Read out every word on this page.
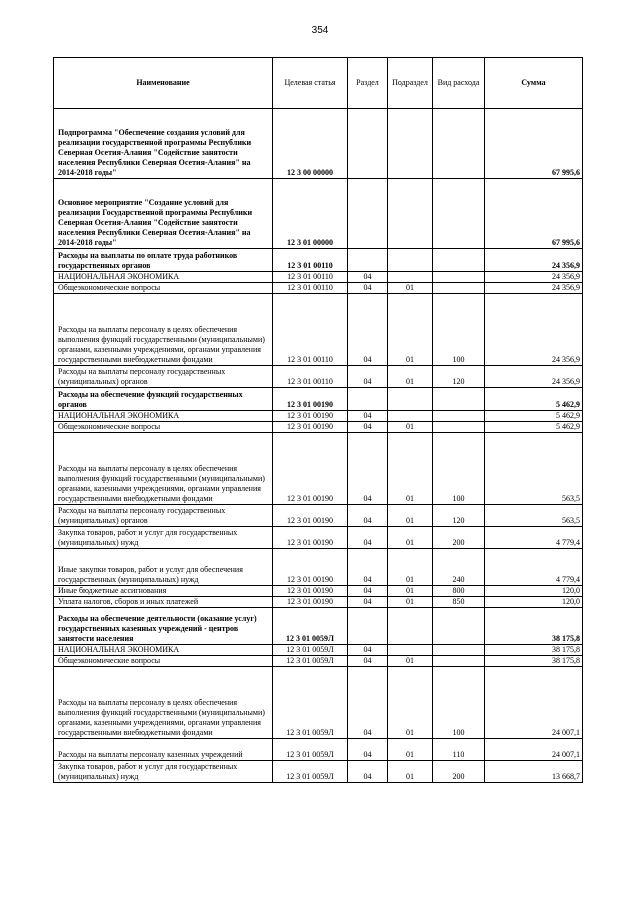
354
Наименование	Целевая статья	Раздел	Подраздел	Вид расхода	Сумма
Подпрограмма "Обеспечение создания условий для реализации государственной программы Республики Северная Осетия-Алания "Содействие занятости населения Республики Северная Осетия-Алания" на 2014-2018 годы"	12 3 00 00000				67 995,6
Основное мероприятие "Создание условий для реализации Государственной программы Республики Северная Осетия-Алания "Содействие занятости населения Республики Северная Осетия-Алания" на 2014-2018 годы"	12 3 01 00000				67 995,6
Расходы на выплаты по оплате труда работников государственных органов	12 3 01 00110				24 356,9
НАЦИОНАЛЬНАЯ ЭКОНОМИКА	12 3 01 00110	04			24 356,9
Общеэкономические вопросы	12 3 01 00110	04	01		24 356,9
Расходы на выплаты персоналу в целях обеспечения выполнения функций государственными (муниципальными) органами, казенными учреждениями, органами управления государственными внебюджетными фондами	12 3 01 00110	04	01	100	24 356,9
Расходы на выплаты персоналу государственных (муниципальных) органов	12 3 01 00110	04	01	120	24 356,9
Расходы на обеспечение функций государственных органов	12 3 01 00190				5 462,9
НАЦИОНАЛЬНАЯ ЭКОНОМИКА	12 3 01 00190	04			5 462,9
Общеэкономические вопросы	12 3 01 00190	04	01		5 462,9
Расходы на выплаты персоналу в целях обеспечения выполнения функций государственными (муниципальными) органами, казенными учреждениями, органами управления государственными внебюджетными фондами	12 3 01 00190	04	01	100	563,5
Расходы на выплаты персоналу государственных (муниципальных) органов	12 3 01 00190	04	01	120	563,5
Закупка товаров, работ и услуг для государственных (муниципальных) нужд	12 3 01 00190	04	01	200	4 779,4
Иные закупки товаров, работ и услуг для обеспечения государственных (муниципальных) нужд	12 3 01 00190	04	01	240	4 779,4
Иные бюджетные ассигнования	12 3 01 00190	04	01	800	120,0
Уплата налогов, сборов и иных платежей	12 3 01 00190	04	01	850	120,0
Расходы на обеспечение деятельности (оказание услуг) государственных казенных учреждений - центров занятости населения	12 3 01 0059Л				38 175,8
НАЦИОНАЛЬНАЯ ЭКОНОМИКА	12 3 01 0059Л	04			38 175,8
Общеэкономические вопросы	12 3 01 0059Л	04	01		38 175,8
Расходы на выплаты персоналу в целях обеспечения выполнения функций государственными (муниципальными) органами, казенными учреждениями, органами управления государственными внебюджетными фондами	12 3 01 0059Л	04	01	100	24 007,1
Расходы на выплаты персоналу казенных учреждений	12 3 01 0059Л	04	01	110	24 007,1
Закупка товаров, работ и услуг для государственных (муниципальных) нужд	12 3 01 0059Л	04	01	200	13 668,7
